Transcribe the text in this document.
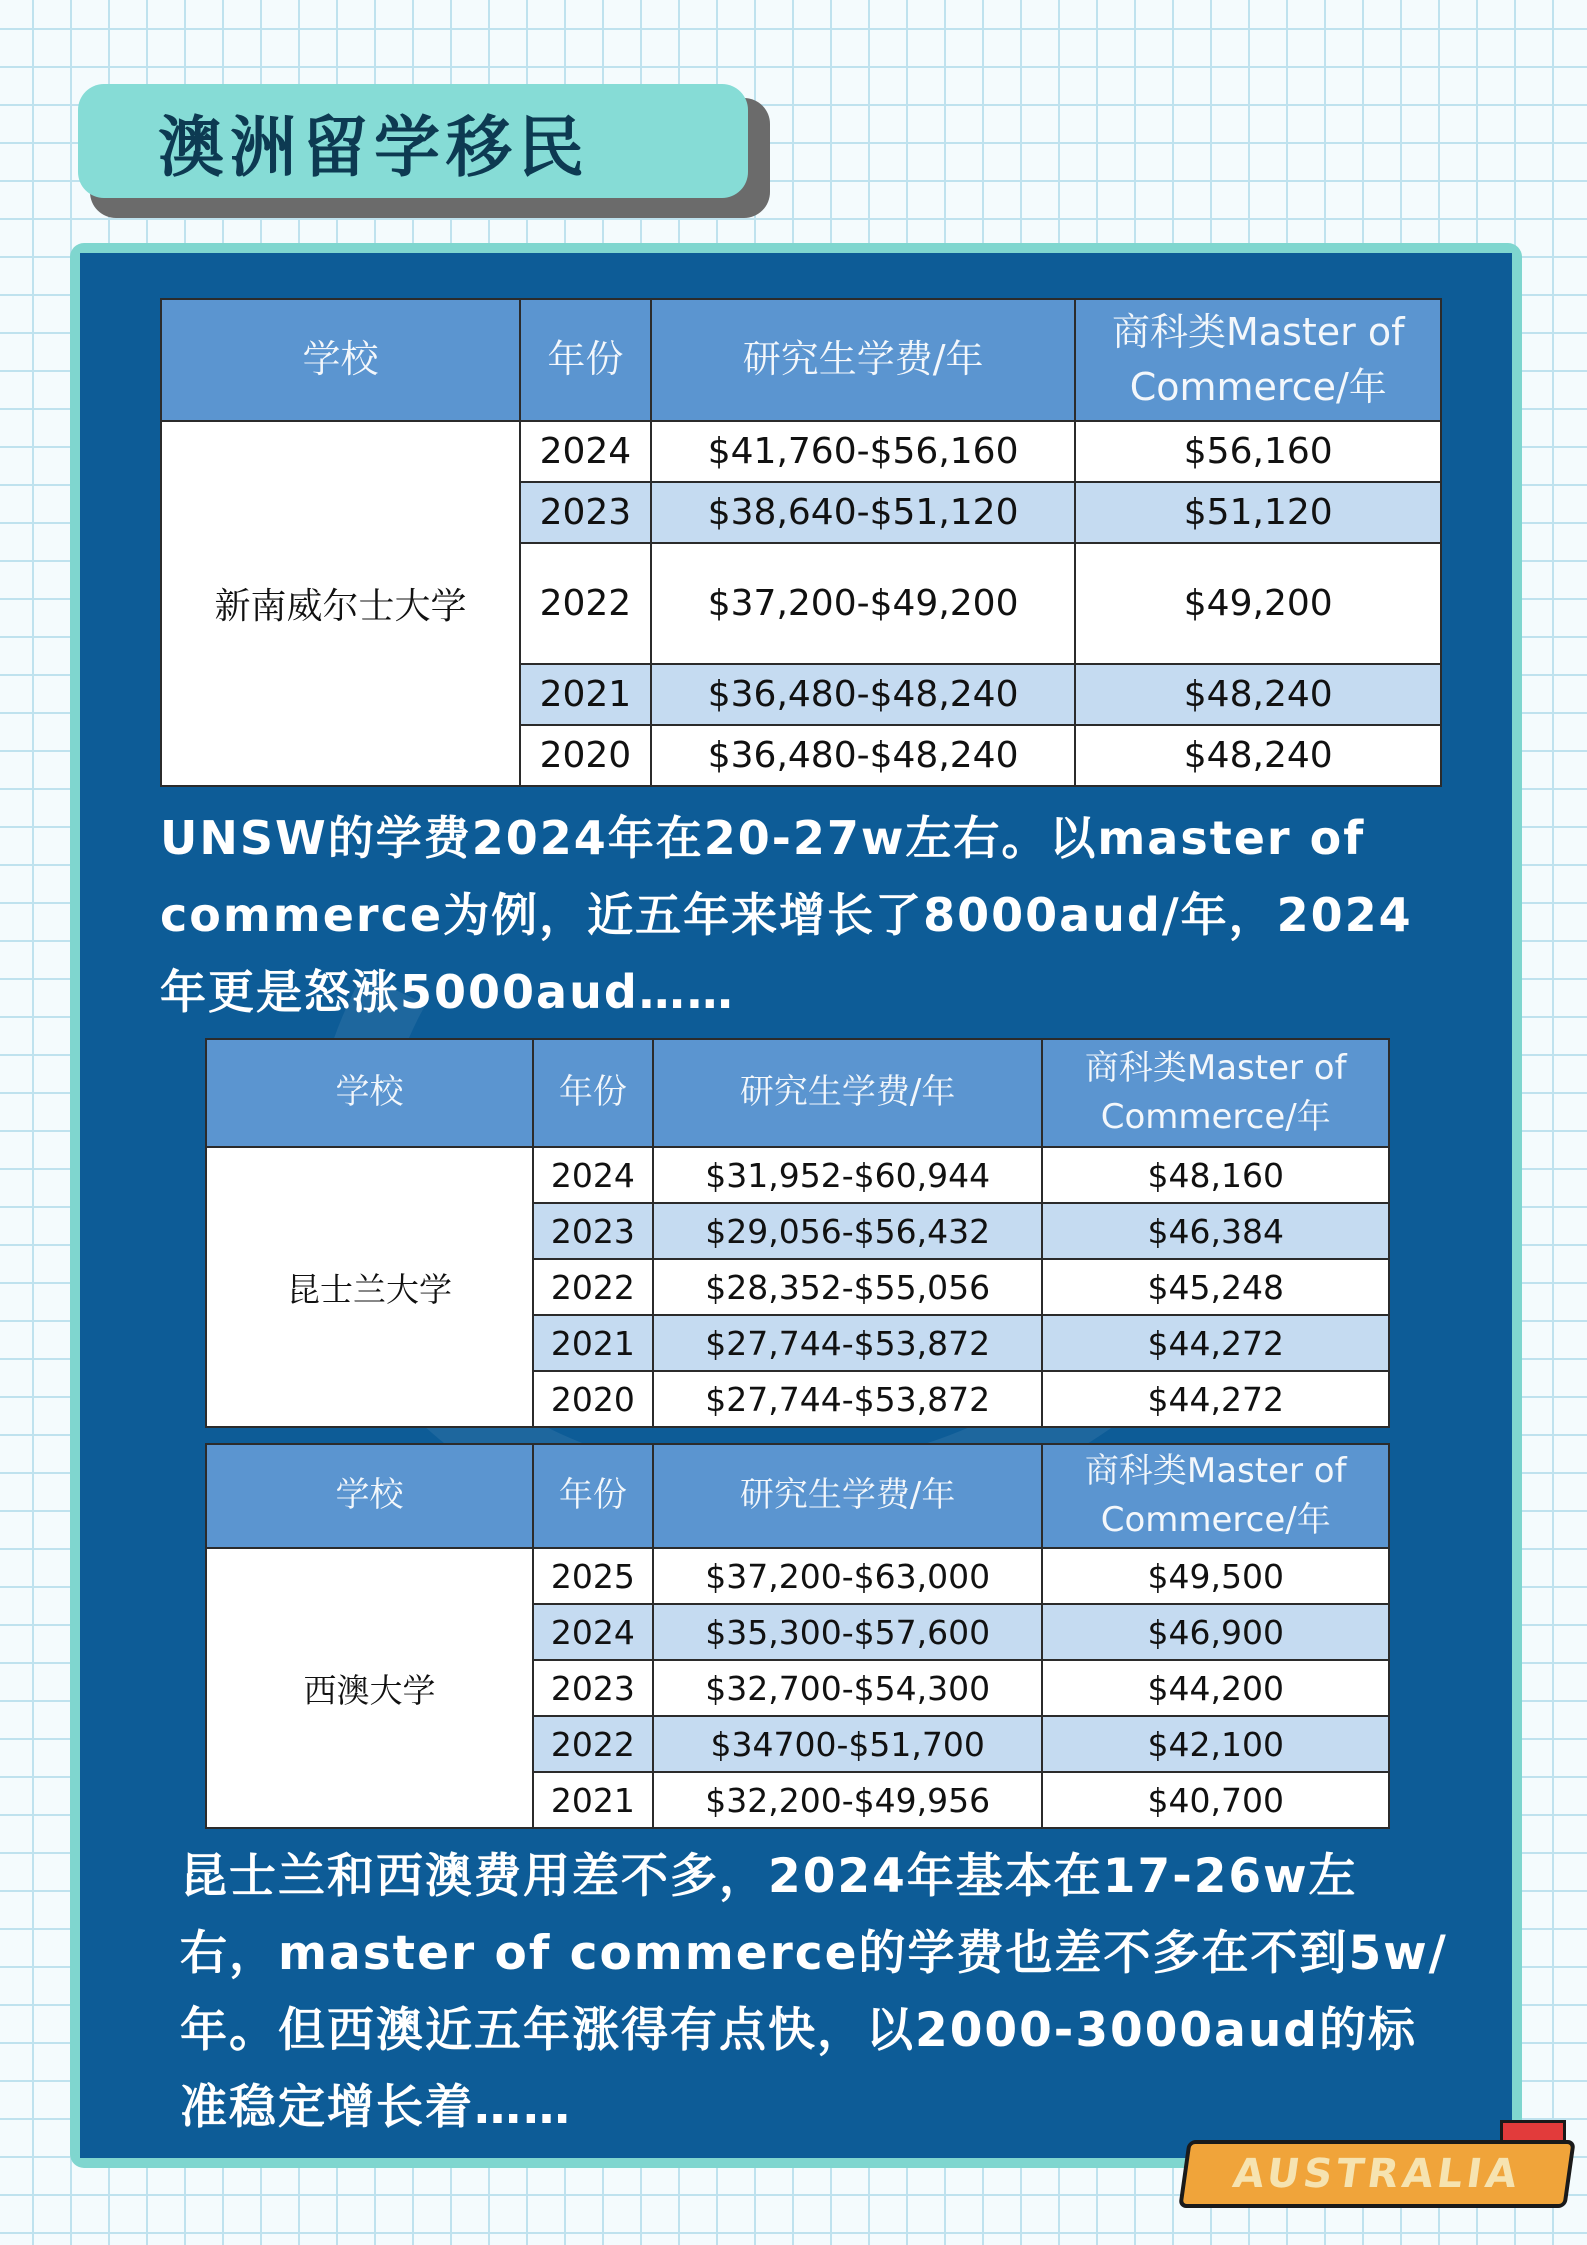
澳洲留学移民
学校	年份	研究生学费/年	商科类Master of Commerce/年
新南威尔士大学	2024	$41,760-$56,160	$56,160
	2023	$38,640-$51,120	$51,120
	2022	$37,200-$49,200	$49,200
	2021	$36,480-$48,240	$48,240
	2020	$36,480-$48,240	$48,240
UNSW的学费2024年在20-27w左右。以master of commerce为例，近五年来增长了8000aud/年，2024年更是怒涨5000aud……
学校	年份	研究生学费/年	商科类Master of Commerce/年
昆士兰大学	2024	$31,952-$60,944	$48,160
	2023	$29,056-$56,432	$46,384
	2022	$28,352-$55,056	$45,248
	2021	$27,744-$53,872	$44,272
	2020	$27,744-$53,872	$44,272
学校	年份	研究生学费/年	商科类Master of Commerce/年
西澳大学	2025	$37,200-$63,000	$49,500
	2024	$35,300-$57,600	$46,900
	2023	$32,700-$54,300	$44,200
	2022	$34700-$51,700	$42,100
	2021	$32,200-$49,956	$40,700
昆士兰和西澳费用差不多，2024年基本在17-26w左右，master of commerce的学费也差不多在不到5w/年。但西澳近五年涨得有点快，以2000-3000aud的标准稳定增长着……
AUSTRALIA
